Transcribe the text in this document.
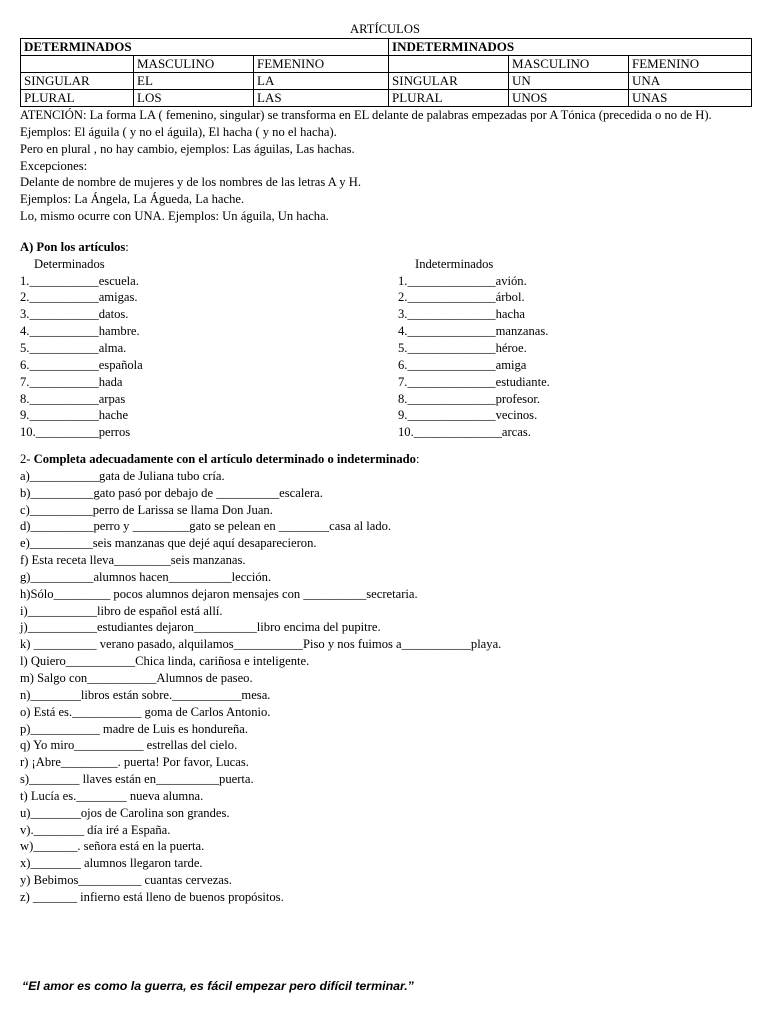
ARTÍCULOS
DETERMINADOS			INDETERMINADOS		
	MASCULINO	FEMENINO		MASCULINO	FEMENINO
SINGULAR	EL	LA	SINGULAR	UN	UNA
PLURAL	LOS	LAS	PLURAL	UNOS	UNAS

ATENCIÓN: La forma LA ( femenino, singular) se transforma en EL delante de palabras empezadas por A Tónica (precedida o no de H). Ejemplos: El águila ( y no el águila), El hacha ( y no el hacha).

Pero en plural , no hay cambio, ejemplos: Las águilas, Las hachas.

Excepciones:

Delante de nombre de mujeres y de los nombres de las letras A y H.

Ejemplos: La Ángela, La Águeda, La hache.

Lo, mismo ocurre con UNA. Ejemplos: Un águila, Un hacha.

A) Pon los artículos:
Determinados
1.___________escuela.
2.___________amigas.
3.___________datos.
4.___________hambre.
5.___________alma.
6.___________española
7.___________hada
8.___________arpas
9.___________hache
10.__________perros
Indeterminados
1.______________avión.
2.______________árbol.
3.______________hacha
4.______________manzanas.
5.______________héroe.
6.______________amiga
7.______________estudiante.
8.______________profesor.
9.______________vecinos.
10.______________arcas.
2- Completa adecuadamente con el artículo determinado o indeterminado:
a)___________gata de Juliana tubo cría.
b)__________gato pasó por debajo de __________escalera.
c)__________perro de Larissa se llama Don Juan.
d)__________perro y _________gato se pelean en ________casa al lado.
e)__________seis manzanas que dejé aquí desaparecieron.
f) Esta receta lleva_________seis manzanas.
g)__________alumnos hacen__________lección.
h)Sólo_________ pocos alumnos dejaron mensajes con __________secretaria.
i)___________libro de español está allí.
j)___________estudiantes dejaron__________libro encima del pupitre.
k) __________ verano pasado, alquilamos___________Piso y nos fuimos a___________playa.
l) Quiero___________Chica linda, cariñosa e inteligente.
m) Salgo con___________Alumnos de paseo.
n)________libros están sobre.___________mesa.
o) Está es.___________ goma de Carlos Antonio.
p)___________ madre de Luis es hondureña.
q) Yo miro___________ estrellas del cielo.
r) ¡Abre_________. puerta! Por favor, Lucas.
s)________ llaves están en__________puerta.
t) Lucía es.________ nueva alumna.
u)________ojos de Carolina son grandes.
v).________ día iré a España.
w)_______. señora está en la puerta.
x)________ alumnos llegaron tarde.
y) Bebimos__________ cuantas cervezas.
z) _______ infierno está lleno de buenos propósitos.
“El amor es como la guerra, es fácil empezar pero difícil terminar.”
